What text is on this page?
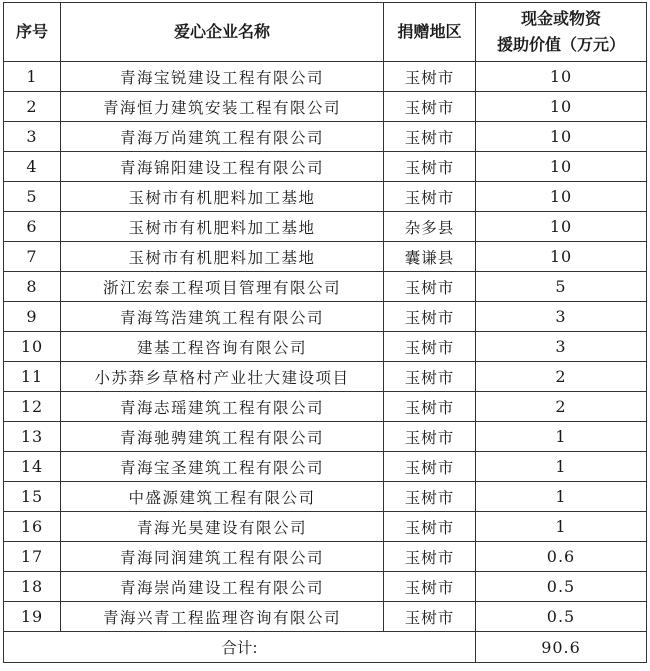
序号	爱心企业名称	捐赠地区	现金或物资
援助价值（万元）

1	青海宝锐建设工程有限公司	玉树市	10
2	青海恒力建筑安装工程有限公司	玉树市	10
3	青海万尚建筑工程有限公司	玉树市	10
4	青海锦阳建设工程有限公司	玉树市	10
5	玉树市有机肥料加工基地	玉树市	10
6	玉树市有机肥料加工基地	杂多县	10
7	玉树市有机肥料加工基地	囊谦县	10
8	浙江宏泰工程项目管理有限公司	玉树市	5
9	青海笃浩建筑工程有限公司	玉树市	3
10	建基工程咨询有限公司	玉树市	3
11	小苏莽乡草格村产业壮大建设项目	玉树市	2
12	青海志瑶建筑工程有限公司	玉树市	2
13	青海驰骋建筑工程有限公司	玉树市	1
14	青海宝圣建筑工程有限公司	玉树市	1
15	中盛源建筑工程有限公司	玉树市	1
16	青海光昊建设有限公司	玉树市	1
17	青海同润建筑工程有限公司	玉树市	0.6
18	青海崇尚建设工程有限公司	玉树市	0.5
19	青海兴青工程监理咨询有限公司	玉树市	0.5
合计:			90.6
